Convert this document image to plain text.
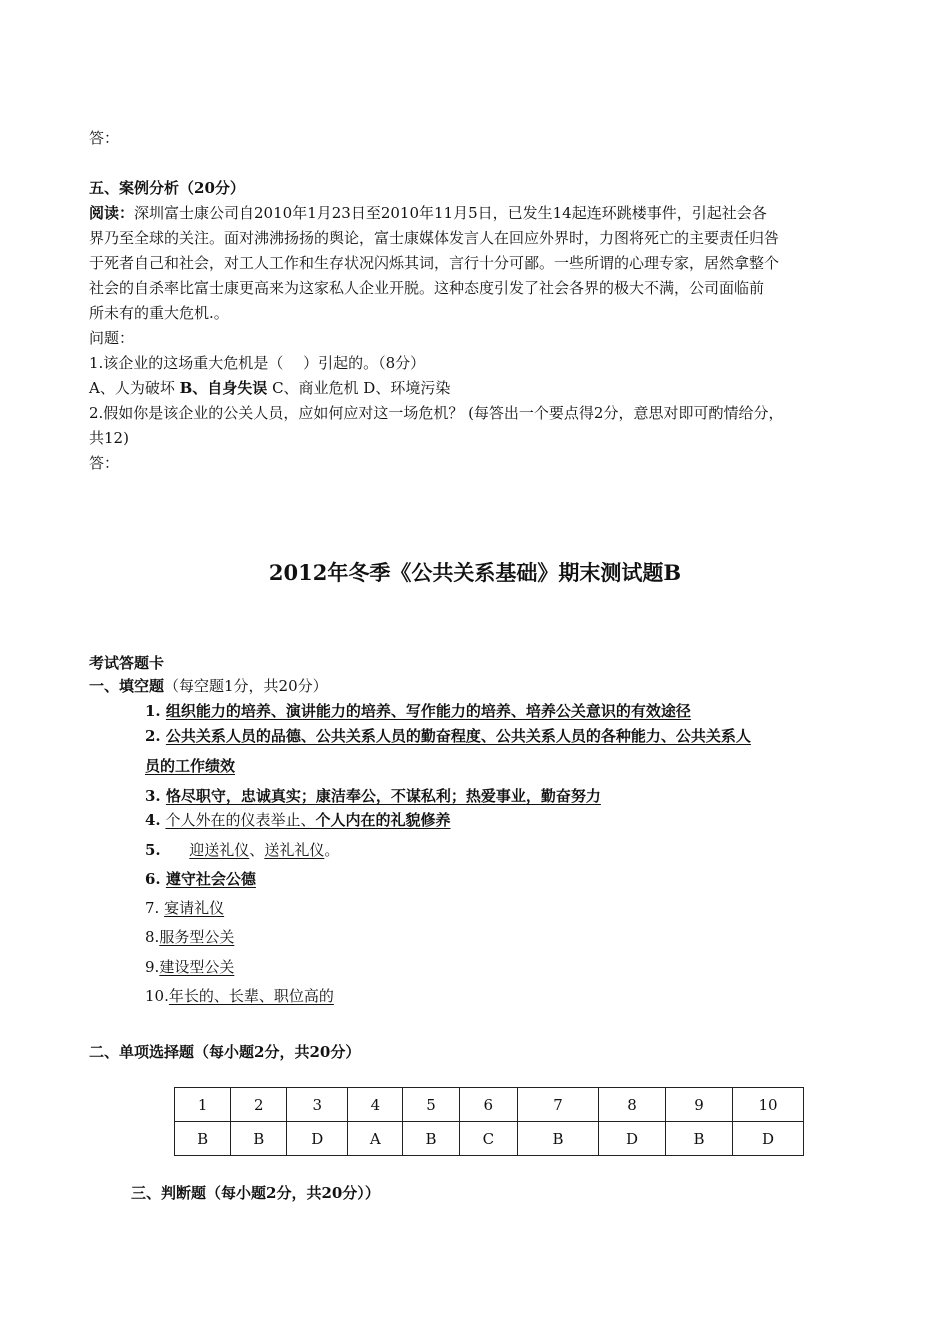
答：
五、案例分析（20分）
阅读：深圳富士康公司自2010年1月23日至2010年11月5日，已发生14起连环跳楼事件，引起社会各
界乃至全球的关注。面对沸沸扬扬的舆论，富士康媒体发言人在回应外界时，力图将死亡的主要责任归咎
于死者自己和社会，对工人工作和生存状况闪烁其词，言行十分可鄙。一些所谓的心理专家，居然拿整个
社会的自杀率比富士康更高来为这家私人企业开脱。这种态度引发了社会各界的极大不满，公司面临前
所未有的重大危机.。
问题：
1.该企业的这场重大危机是（　 ）引起的。（8分）
A、人为破坏 B、自身失误 C、商业危机 D、环境污染
2.假如你是该企业的公关人员，应如何应对这一场危机？ (每答出一个要点得2分，意思对即可酌情给分，
共12)
答：
2012年冬季《公共关系基础》期末测试题B
考试答题卡
一、填空题（每空题1分，共20分）
1. 组织能力的培养、演讲能力的培养、写作能力的培养、培养公关意识的有效途径
2. 公共关系人员的品德、公共关系人员的勤奋程度、公共关系人员的各种能力、公共关系人
员的工作绩效
3. 恪尽职守，忠诚真实；康洁奉公，不谋私利；热爱事业，勤奋努力
4. 个人外在的仪表举止、个人内在的礼貌修养
5. 迎送礼仪、送礼礼仪。
6. 遵守社会公德
7. 宴请礼仪
8.服务型公关
9.建设型公关
10.年长的、长辈、职位高的
二、单项选择题（每小题2分，共20分）
1	2	3	4	5	6	7	8	9	10
B	B	D	A	B	C	B	D	B	D
三、判断题（每小题2分，共20分））
